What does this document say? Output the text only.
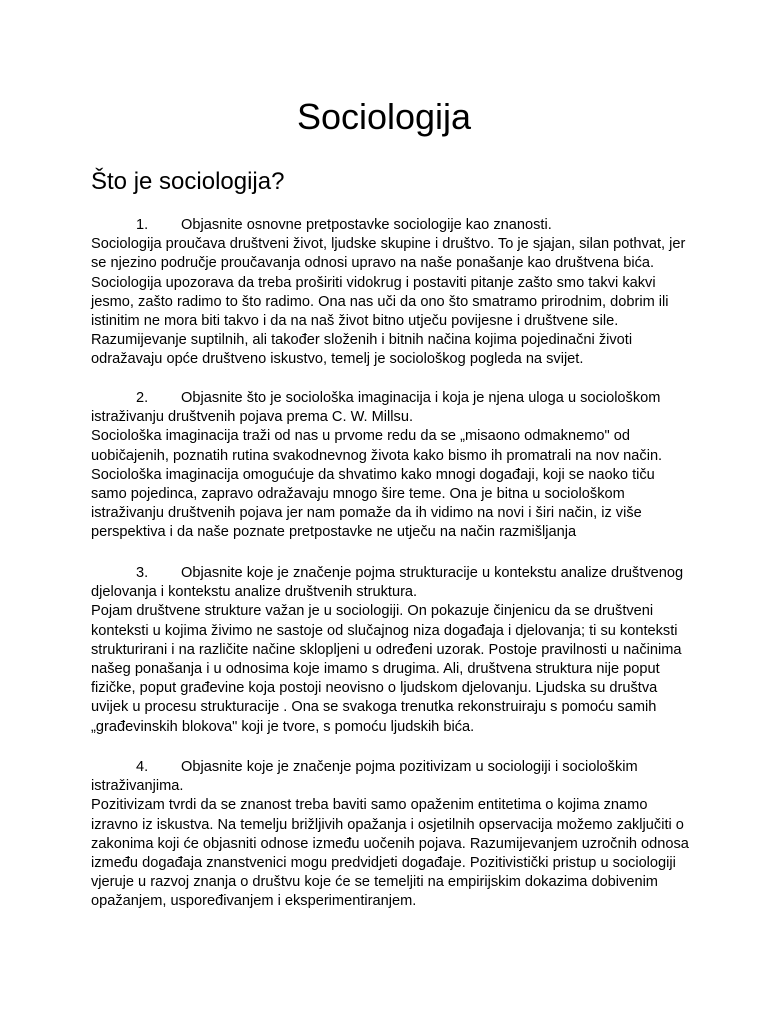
Sociologija
Što je sociologija?

1. Objasnite osnovne pretpostavke sociologije kao znanosti.

Sociologija proučava društveni život, ljudske skupine i društvo. To je sjajan, silan pothvat, jer se njezino područje proučavanja odnosi upravo na naše ponašanje kao društvena bića. Sociologija upozorava da treba proširiti vidokrug i postaviti pitanje zašto smo takvi kakvi jesmo, zašto radimo to što radimo. Ona nas uči da ono što smatramo prirodnim, dobrim ili istinitim ne mora biti takvo i da na naš život bitno utječu povijesne i društvene sile. Razumijevanje suptilnih, ali također složenih i bitnih načina kojima pojedinačni životi odražavaju opće društveno iskustvo, temelj je sociološkog pogleda na svijet.

2. Objasnite što je sociološka imaginacija i koja je njena uloga u sociološkom istraživanju društvenih pojava prema C. W. Millsu.

Sociološka imaginacija traži od nas u prvome redu da se „misaono odmaknemo" od uobičajenih, poznatih rutina svakodnevnog života kako bismo ih promatrali na nov način. Sociološka imaginacija omogućuje da shvatimo kako mnogi događaji, koji se naoko tiču samo pojedinca, zapravo odražavaju mnogo šire teme. Ona je bitna u sociološkom istraživanju društvenih pojava jer nam pomaže da ih vidimo na novi i širi način, iz više perspektiva i da naše poznate pretpostavke ne utječu na način razmišljanja

3. Objasnite koje je značenje pojma strukturacije u kontekstu analize društvenog djelovanja i kontekstu analize društvenih struktura.

Pojam društvene strukture važan je u sociologiji. On pokazuje činjenicu da se društveni konteksti u kojima živimo ne sastoje od slučajnog niza događaja i djelovanja; ti su konteksti strukturirani i na različite načine sklopljeni u određeni uzorak. Postoje pravilnosti u načinima našeg ponašanja i u odnosima koje imamo s drugima. Ali, društvena struktura nije poput fizičke, poput građevine koja postoji neovisno o ljudskom djelovanju. Ljudska su društva uvijek u procesu strukturacije . Ona se svakoga trenutka rekonstruiraju s pomoću samih „građevinskih blokova" koji je tvore, s pomoću ljudskih bića.

4. Objasnite koje je značenje pojma pozitivizam u sociologiji i sociološkim istraživanjima.

Pozitivizam tvrdi da se znanost treba baviti samo opaženim entitetima o kojima znamo izravno iz iskustva. Na temelju brižljivih opažanja i osjetilnih opservacija možemo zaključiti o zakonima koji će objasniti odnose između uočenih pojava. Razumijevanjem uzročnih odnosa između događaja znanstvenici mogu predvidjeti događaje. Pozitivistički pristup u sociologiji vjeruje u razvoj znanja o društvu koje će se temeljiti na empirijskim dokazima dobivenim opažanjem, uspoređivanjem i eksperimentiranjem.
